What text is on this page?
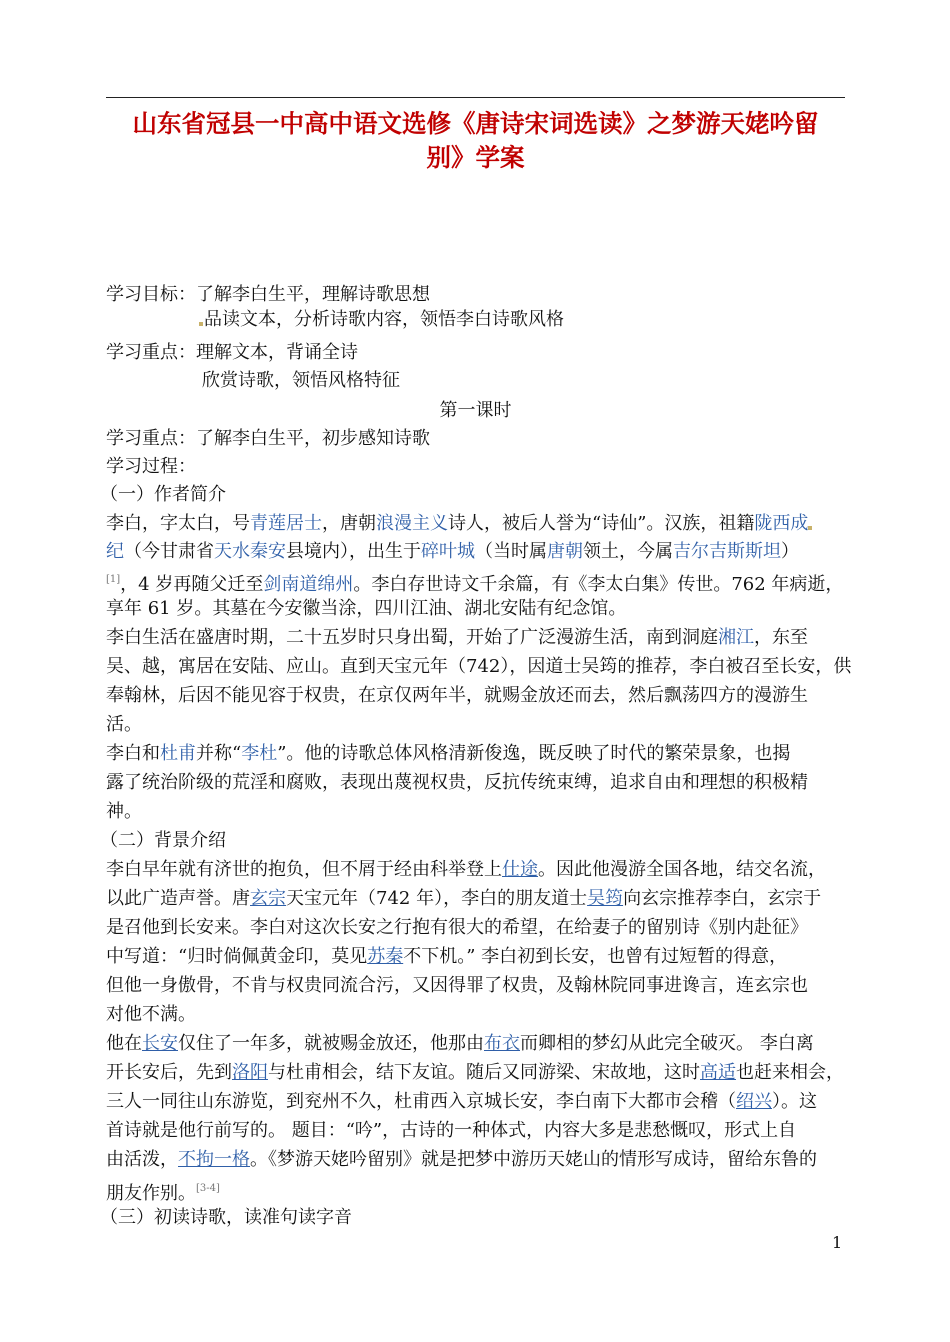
山东省冠县一中高中语文选修《唐诗宋词选读》之梦游天姥吟留
别》学案
学习目标：了解李白生平，理解诗歌思想
品读文本，分析诗歌内容，领悟李白诗歌风格
学习重点：理解文本，背诵全诗
欣赏诗歌，领悟风格特征
第一课时
学习重点：了解李白生平，初步感知诗歌
学习过程：
（一）作者简介
李白，字太白，号青莲居士，唐朝浪漫主义诗人，被后人誉为“诗仙”。汉族，祖籍陇西成
纪（今甘肃省天水秦安县境内），出生于碎叶城（当时属唐朝领土，今属吉尔吉斯斯坦）
[1]，4 岁再随父迁至剑南道绵州。李白存世诗文千余篇，有《李太白集》传世。762 年病逝，
享年 61 岁。其墓在今安徽当涂，四川江油、湖北安陆有纪念馆。
李白生活在盛唐时期，二十五岁时只身出蜀，开始了广泛漫游生活，南到洞庭湘江，东至
吴、越，寓居在安陆、应山。直到天宝元年（742），因道士吴筠的推荐，李白被召至长安，供
奉翰林，后因不能见容于权贵，在京仅两年半，就赐金放还而去，然后飘荡四方的漫游生
活。
李白和杜甫并称“李杜”。他的诗歌总体风格清新俊逸，既反映了时代的繁荣景象，也揭
露了统治阶级的荒淫和腐败，表现出蔑视权贵，反抗传统束缚，追求自由和理想的积极精
神。
（二）背景介绍
李白早年就有济世的抱负，但不屑于经由科举登上仕途。因此他漫游全国各地，结交名流，
以此广造声誉。唐玄宗天宝元年（742 年），李白的朋友道士吴筠向玄宗推荐李白，玄宗于
是召他到长安来。李白对这次长安之行抱有很大的希望，在给妻子的留别诗《别内赴征》
中写道：“归时倘佩黄金印，莫见苏秦不下机。” 李白初到长安，也曾有过短暂的得意，
但他一身傲骨，不肯与权贵同流合污，又因得罪了权贵，及翰林院同事进谗言，连玄宗也
对他不满。
他在长安仅住了一年多，就被赐金放还，他那由布衣而卿相的梦幻从此完全破灭。 李白离
开长安后，先到洛阳与杜甫相会，结下友谊。随后又同游梁、宋故地，这时高适也赶来相会，
三人一同往山东游览，到兖州不久，杜甫西入京城长安，李白南下大都市会稽（绍兴）。这
首诗就是他行前写的。 题目：“吟”，古诗的一种体式，内容大多是悲愁慨叹，形式上自
由活泼，不拘一格。《梦游天姥吟留别》就是把梦中游历天姥山的情形写成诗，留给东鲁的
朋友作别。[3-4]
（三）初读诗歌，读准句读字音
1
